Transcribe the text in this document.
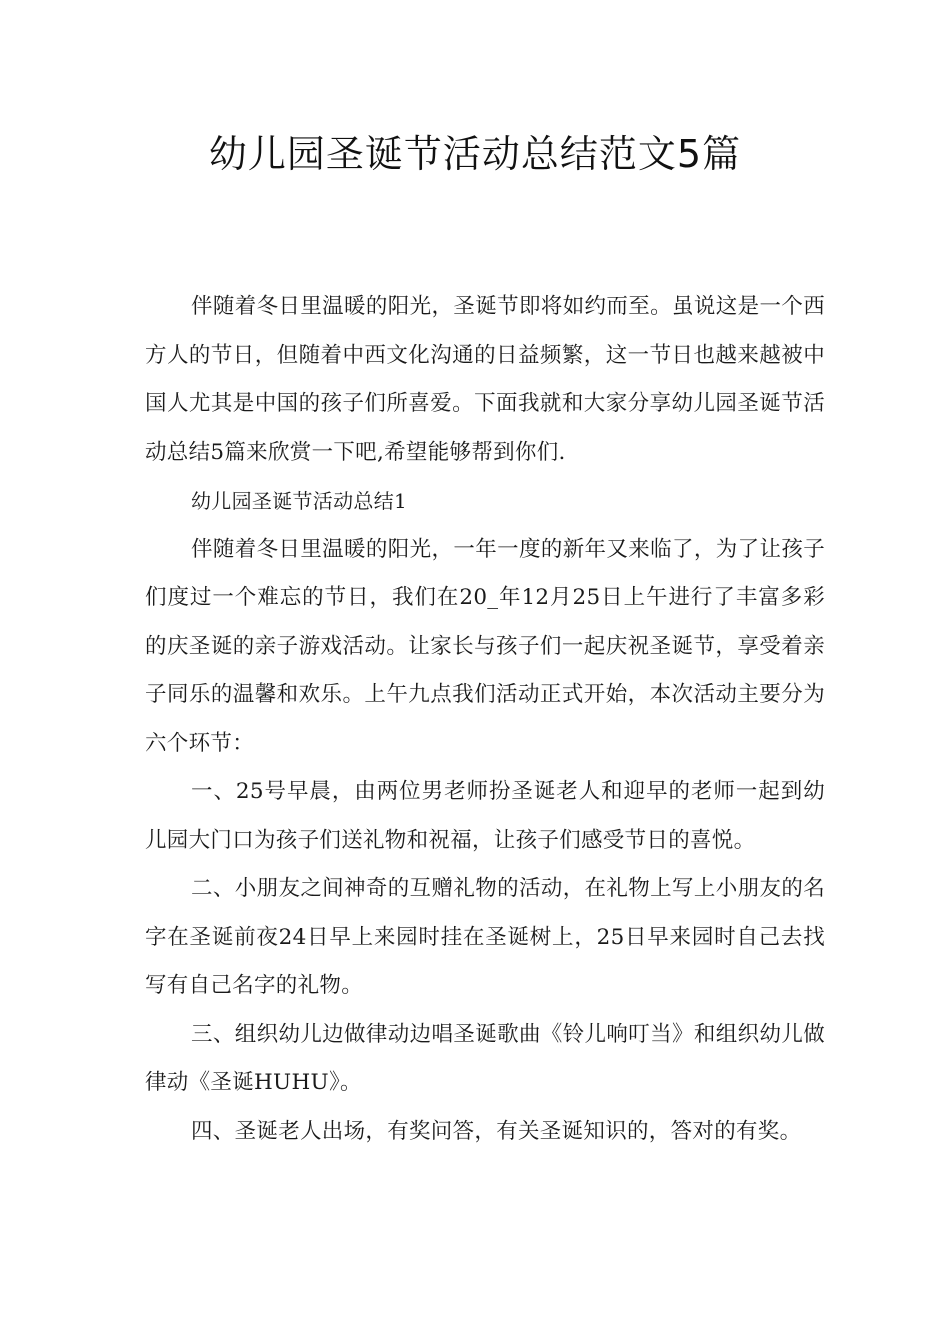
幼儿园圣诞节活动总结范文5篇

伴随着冬日里温暖的阳光，圣诞节即将如约而至。虽说这是一个西方人的节日，但随着中西文化沟通的日益频繁，这一节日也越来越被中国人尤其是中国的孩子们所喜爱。下面我就和大家分享幼儿园圣诞节活动总结5篇来欣赏一下吧,希望能够帮到你们.

幼儿园圣诞节活动总结1

伴随着冬日里温暖的阳光，一年一度的新年又来临了，为了让孩子们度过一个难忘的节日，我们在20_年12月25日上午进行了丰富多彩的庆圣诞的亲子游戏活动。让家长与孩子们一起庆祝圣诞节，享受着亲子同乐的温馨和欢乐。上午九点我们活动正式开始，本次活动主要分为六个环节：

一、25号早晨，由两位男老师扮圣诞老人和迎早的老师一起到幼儿园大门口为孩子们送礼物和祝福，让孩子们感受节日的喜悦。

二、小朋友之间神奇的互赠礼物的活动，在礼物上写上小朋友的名字在圣诞前夜24日早上来园时挂在圣诞树上，25日早来园时自己去找写有自己名字的礼物。

三、组织幼儿边做律动边唱圣诞歌曲《铃儿响叮当》和组织幼儿做律动《圣诞HUHU》。

四、圣诞老人出场，有奖问答，有关圣诞知识的，答对的有奖。
